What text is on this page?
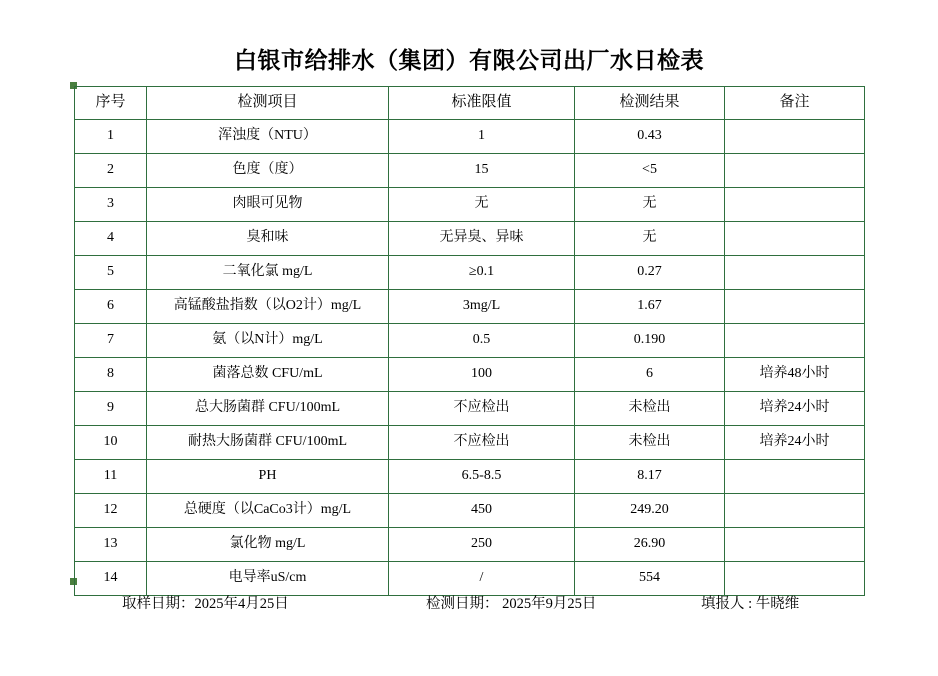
白银市给排水（集团）有限公司出厂水日检表
序号	检测项目	标准限值	检测结果	备注
1	浑浊度（NTU）	1	0.43	
2	色度（度）	15	<5	
3	肉眼可见物	无	无	
4	臭和味	无异臭、异味	无	
5	二氧化氯 mg/L	≥0.1	0.27	
6	高锰酸盐指数（以O2计）mg/L	3mg/L	1.67	
7	氨（以N计）mg/L	0.5	0.190	
8	菌落总数 CFU/mL	100	6	培养48小时
9	总大肠菌群 CFU/100mL	不应检出	未检出	培养24小时
10	耐热大肠菌群 CFU/100mL	不应检出	未检出	培养24小时
11	PH	6.5-8.5	8.17	
12	总硬度（以CaCo3计）mg/L	450	249.20	
13	氯化物 mg/L	250	26.90	
14	电导率uS/cm	/	554	
取样日期：2025年4月25日	检测日期： 2025年9月25日	填报人 : 牛晓维
